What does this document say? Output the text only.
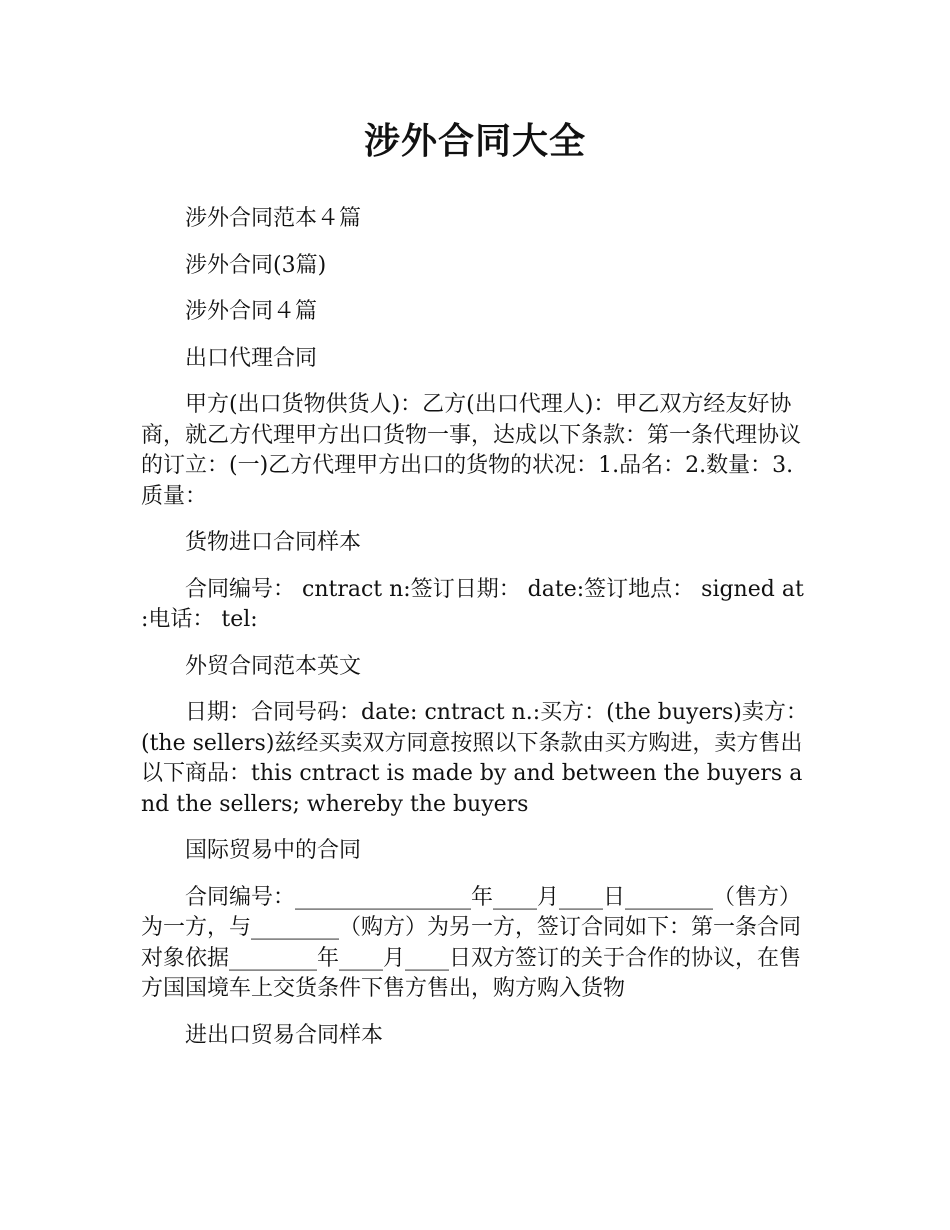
涉外合同大全

涉外合同范本４篇

涉外合同(3篇)

涉外合同４篇

出口代理合同

甲方(出口货物供货人)：乙方(出口代理人)：甲乙双方经友好协商，就乙方代理甲方出口货物一事，达成以下条款：第一条代理协议的订立：(一)乙方代理甲方出口的货物的状况：1.品名：2.数量：3.质量：

货物进口合同样本

合同编号： cntract n:签订日期： date:签订地点： signed at :电话： tel:

外贸合同范本英文

日期：合同号码：date: cntract n.:买方：(the buyers)卖方：(the sellers)兹经买卖双方同意按照以下条款由买方购进，卖方售出以下商品：this cntract is made by and between the buyers and the sellers; whereby the buyers

国际贸易中的合同

合同编号：________________年____月____日________（售方）为一方，与________（购方）为另一方，签订合同如下：第一条合同对象依据________年____月____日双方签订的关于合作的协议，在售方国国境车上交货条件下售方售出，购方购入货物

进出口贸易合同样本
